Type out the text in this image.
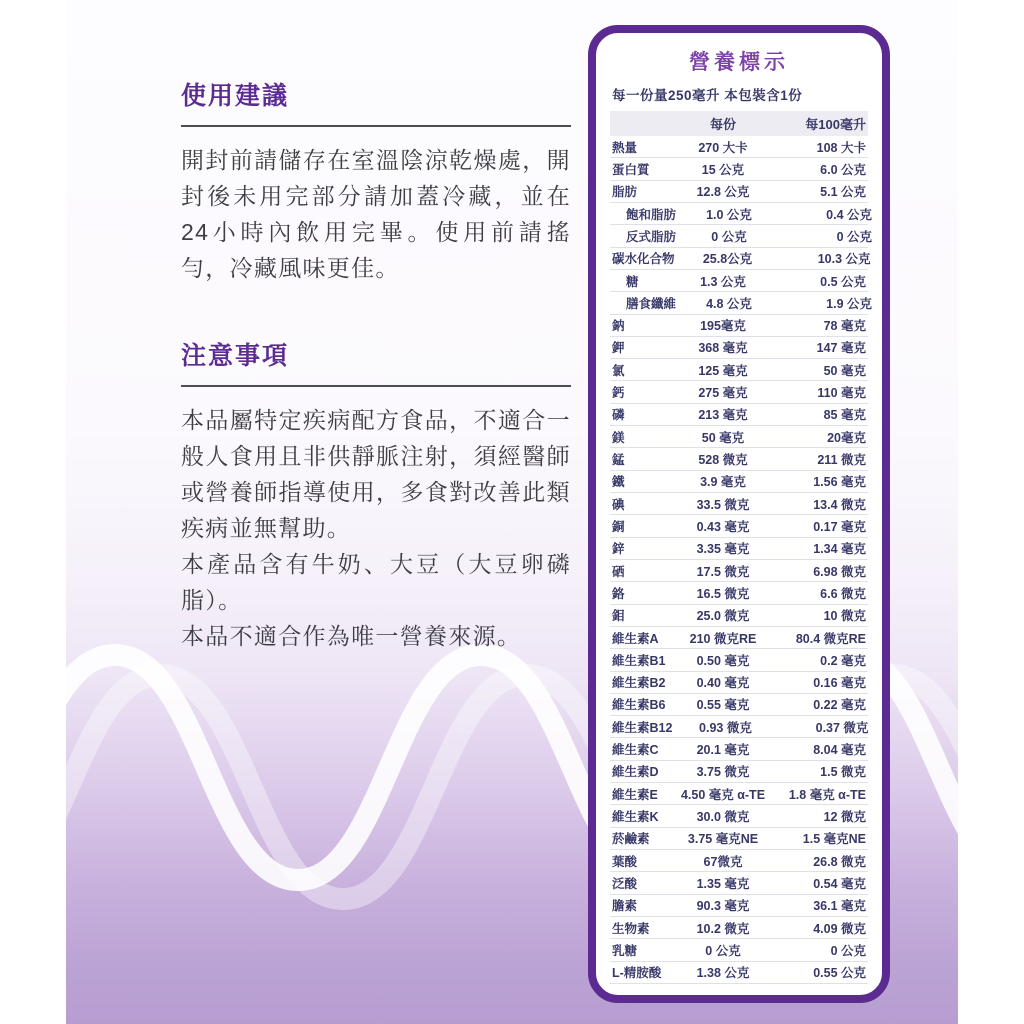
使用建議

開封前請儲存在室溫陰涼乾燥處，開封後未用完部分請加蓋冷藏，並在24小時內飲用完畢。使用前請搖勻，冷藏風味更佳。

注意事項

本品屬特定疾病配方食品，不適合一般人食用且非供靜脈注射，須經醫師或營養師指導使用，多食對改善此類疾病並無幫助。

本產品含有牛奶、大豆（大豆卵磷脂）。

本品不適合作為唯一營養來源。

營養標示
每一份量250毫升 本包裝含1份
每份	每100毫升
熱量	270 大卡	108 大卡
蛋白質	15 公克	6.0 公克
脂肪	12.8 公克	5.1 公克
飽和脂肪	1.0 公克	0.4 公克
反式脂肪	0 公克	0 公克
碳水化合物	25.8公克	10.3 公克
糖	1.3 公克	0.5 公克
膳食纖維	4.8 公克	1.9 公克
鈉	195毫克	78 毫克
鉀	368 毫克	147 毫克
氯	125 毫克	50 毫克
鈣	275 毫克	110 毫克
磷	213 毫克	85 毫克
鎂	50 毫克	20毫克
錳	528 微克	211 微克
鐵	3.9 毫克	1.56 毫克
碘	33.5 微克	13.4 微克
銅	0.43 毫克	0.17 毫克
鋅	3.35 毫克	1.34 毫克
硒	17.5 微克	6.98 微克
鉻	16.5 微克	6.6 微克
鉬	25.0 微克	10 微克
維生素A	210 微克RE	80.4 微克RE
維生素B1	0.50 毫克	0.2 毫克
維生素B2	0.40 毫克	0.16 毫克
維生素B6	0.55 毫克	0.22 毫克
維生素B12	0.93 微克	0.37 微克
維生素C	20.1 毫克	8.04 毫克
維生素D	3.75 微克	1.5 微克
維生素E	4.50 毫克 α-TE	1.8 毫克 α-TE
維生素K	30.0 微克	12 微克
菸鹼素	3.75 毫克NE	1.5 毫克NE
葉酸	67微克	26.8 微克
泛酸	1.35 毫克	0.54 毫克
膽素	90.3 毫克	36.1 毫克
生物素	10.2 微克	4.09 微克
乳糖	0 公克	0 公克
L-精胺酸	1.38 公克	0.55 公克
